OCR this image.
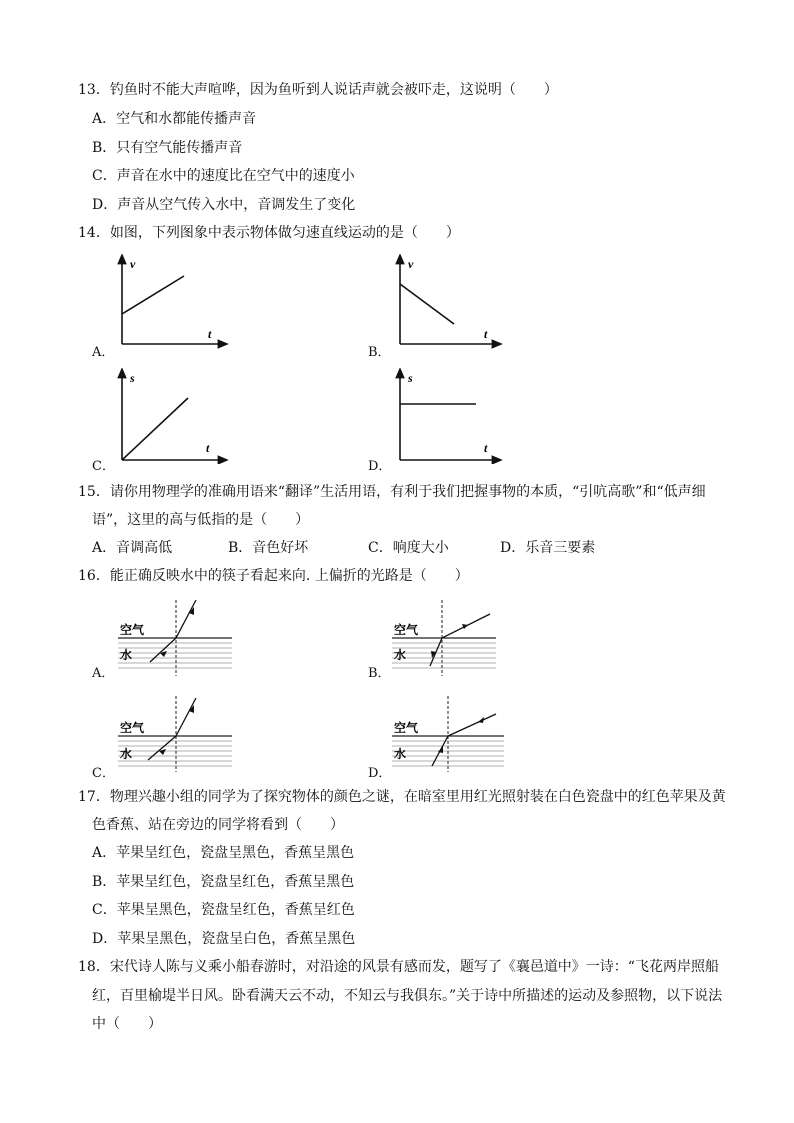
13．钓鱼时不能大声喧哗，因为鱼听到人说话声就会被吓走，这说明（　　）
A．空气和水都能传播声音
B．只有空气能传播声音
C．声音在水中的速度比在空气中的速度小
D．声音从空气传入水中，音调发生了变化
14．如图，下列图象中表示物体做匀速直线运动的是（　　）
A．
v
t
B．
v
t
C．
s
t
D．
s
t
15．请你用物理学的准确用语来“翻译”生活用语，有利于我们把握事物的本质，“引吭高歌”和“低声细
语”，这里的高与低指的是（　　）
A．音调高低	B．音色好坏	C．响度大小	D．乐音三要素
16．能正确反映水中的筷子看起来向. 上偏折的光路是（　　）
A．
空气
水
B．
空气
水
C．
空气
水
D．
空气
水
17．物理兴趣小组的同学为了探究物体的颜色之谜，在暗室里用红光照射装在白色瓷盘中的红色苹果及黄
色香蕉、站在旁边的同学将看到（　　）
A．苹果呈红色，瓷盘呈黑色，香蕉呈黑色
B．苹果呈红色，瓷盘呈红色，香蕉呈黑色
C．苹果呈黑色，瓷盘呈红色，香蕉呈红色
D．苹果呈黑色，瓷盘呈白色，香蕉呈黑色
18．宋代诗人陈与义乘小船春游时，对沿途的风景有感而发，题写了《襄邑道中》一诗：“飞花两岸照船
红，百里榆堤半日风。卧看满天云不动，不知云与我俱东。”关于诗中所描述的运动及参照物，以下说法
中（　　）
